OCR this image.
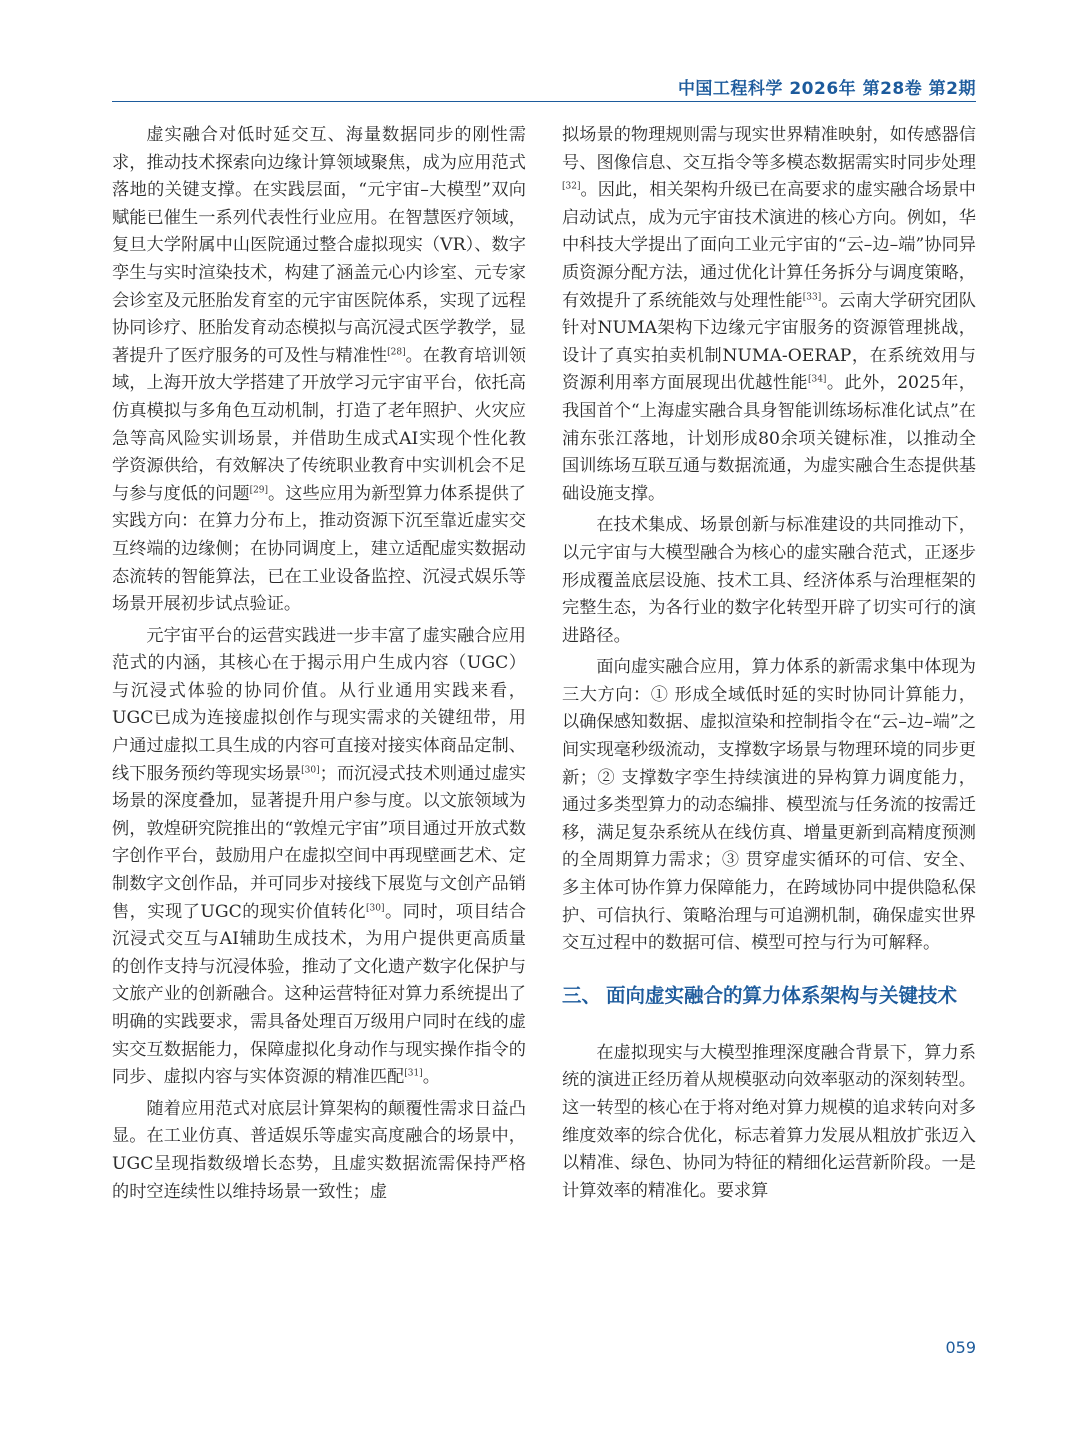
中国工程科学 2026年 第28卷 第2期

虚实融合对低时延交互、海量数据同步的刚性需求，推动技术探索向边缘计算领域聚焦，成为应用范式落地的关键支撑。在实践层面，“元宇宙–大模型”双向赋能已催生一系列代表性行业应用。在智慧医疗领域，复旦大学附属中山医院通过整合虚拟现实（VR）、数字孪生与实时渲染技术，构建了涵盖元心内诊室、元专家会诊室及元胚胎发育室的元宇宙医院体系，实现了远程协同诊疗、胚胎发育动态模拟与高沉浸式医学教学，显著提升了医疗服务的可及性与精准性[28]。在教育培训领域，上海开放大学搭建了开放学习元宇宙平台，依托高仿真模拟与多角色互动机制，打造了老年照护、火灾应急等高风险实训场景，并借助生成式AI实现个性化教学资源供给，有效解决了传统职业教育中实训机会不足与参与度低的问题[29]。这些应用为新型算力体系提供了实践方向：在算力分布上，推动资源下沉至靠近虚实交互终端的边缘侧；在协同调度上，建立适配虚实数据动态流转的智能算法，已在工业设备监控、沉浸式娱乐等场景开展初步试点验证。

元宇宙平台的运营实践进一步丰富了虚实融合应用范式的内涵，其核心在于揭示用户生成内容（UGC）与沉浸式体验的协同价值。从行业通用实践来看，UGC已成为连接虚拟创作与现实需求的关键纽带，用户通过虚拟工具生成的内容可直接对接实体商品定制、线下服务预约等现实场景[30]；而沉浸式技术则通过虚实场景的深度叠加，显著提升用户参与度。以文旅领域为例，敦煌研究院推出的“敦煌元宇宙”项目通过开放式数字创作平台，鼓励用户在虚拟空间中再现壁画艺术、定制数字文创作品，并可同步对接线下展览与文创产品销售，实现了UGC的现实价值转化[30]。同时，项目结合沉浸式交互与AI辅助生成技术，为用户提供更高质量的创作支持与沉浸体验，推动了文化遗产数字化保护与文旅产业的创新融合。这种运营特征对算力系统提出了明确的实践要求，需具备处理百万级用户同时在线的虚实交互数据能力，保障虚拟化身动作与现实操作指令的同步、虚拟内容与实体资源的精准匹配[31]。

随着应用范式对底层计算架构的颠覆性需求日益凸显。在工业仿真、普适娱乐等虚实高度融合的场景中，UGC呈现指数级增长态势，且虚实数据流需保持严格的时空连续性以维持场景一致性；虚

拟场景的物理规则需与现实世界精准映射，如传感器信号、图像信息、交互指令等多模态数据需实时同步处理[32]。因此，相关架构升级已在高要求的虚实融合场景中启动试点，成为元宇宙技术演进的核心方向。例如，华中科技大学提出了面向工业元宇宙的“云–边–端”协同异质资源分配方法，通过优化计算任务拆分与调度策略，有效提升了系统能效与处理性能[33]。云南大学研究团队针对NUMA架构下边缘元宇宙服务的资源管理挑战，设计了真实拍卖机制NUMA-OERAP，在系统效用与资源利用率方面展现出优越性能[34]。此外，2025年，我国首个“上海虚实融合具身智能训练场标准化试点”在浦东张江落地，计划形成80余项关键标准，以推动全国训练场互联互通与数据流通，为虚实融合生态提供基础设施支撑。

在技术集成、场景创新与标准建设的共同推动下，以元宇宙与大模型融合为核心的虚实融合范式，正逐步形成覆盖底层设施、技术工具、经济体系与治理框架的完整生态，为各行业的数字化转型开辟了切实可行的演进路径。

面向虚实融合应用，算力体系的新需求集中体现为三大方向：① 形成全域低时延的实时协同计算能力，以确保感知数据、虚拟渲染和控制指令在“云–边–端”之间实现毫秒级流动，支撑数字场景与物理环境的同步更新；② 支撑数字孪生持续演进的异构算力调度能力，通过多类型算力的动态编排、模型流与任务流的按需迁移，满足复杂系统从在线仿真、增量更新到高精度预测的全周期算力需求；③ 贯穿虚实循环的可信、安全、多主体可协作算力保障能力，在跨域协同中提供隐私保护、可信执行、策略治理与可追溯机制，确保虚实世界交互过程中的数据可信、模型可控与行为可解释。

三、 面向虚实融合的算力体系架构与关键技术

在虚拟现实与大模型推理深度融合背景下，算力系统的演进正经历着从规模驱动向效率驱动的深刻转型。这一转型的核心在于将对绝对算力规模的追求转向对多维度效率的综合优化，标志着算力发展从粗放扩张迈入以精准、绿色、协同为特征的精细化运营新阶段。一是计算效率的精准化。要求算

059
